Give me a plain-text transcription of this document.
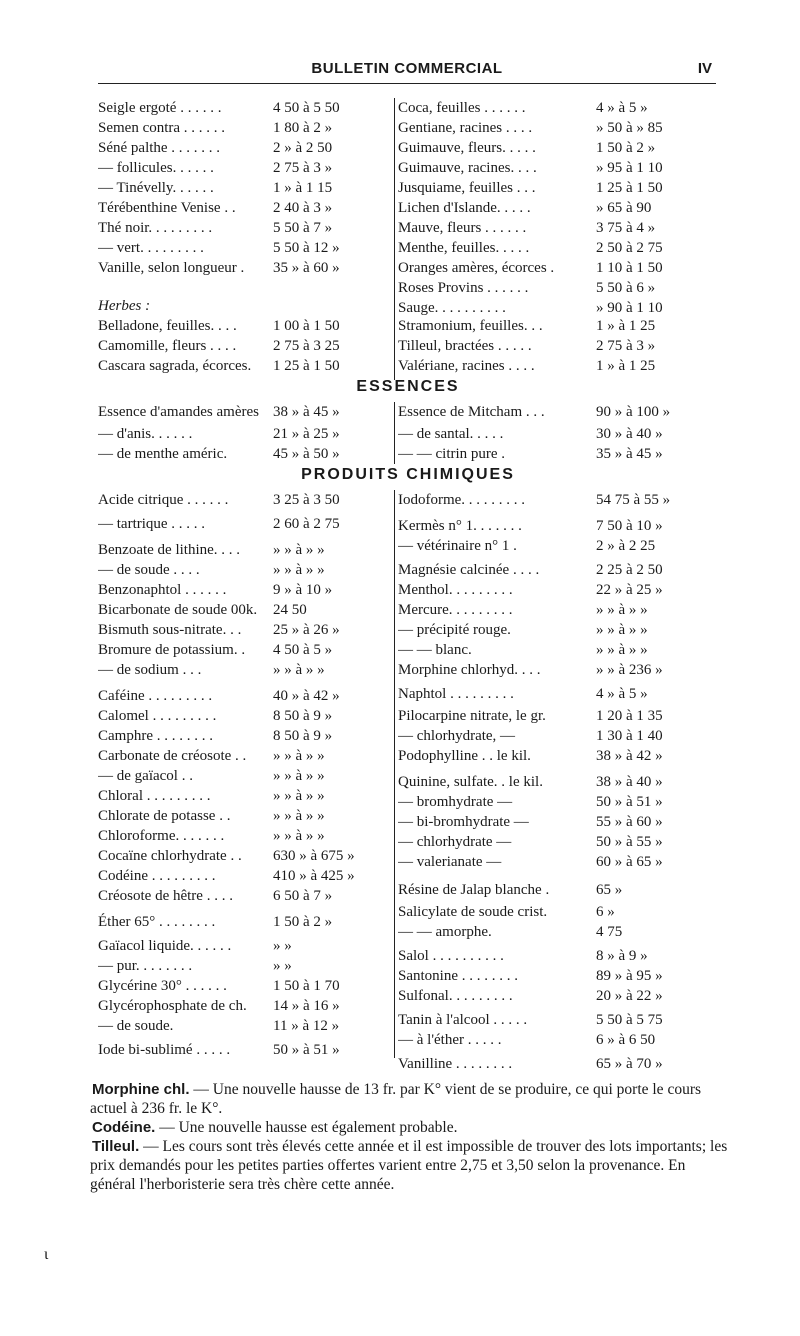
BULLETIN COMMERCIAL	IV
Seigle ergoté . . . . . .	4 50 à 5 50
Semen contra . . . . . .	1 80 à 2 »
Séné palthe . . . . . . .	2 » à 2 50
— follicules. . . . . .	2 75 à 3 »
— Tinévelly. . . . . .	1 » à 1 15
Térébenthine Venise . .	2 40 à 3 »
Thé noir. . . . . . . . .	5 50 à 7 »
— vert. . . . . . . . .	5 50 à 12 »
Vanille, selon longueur .	35 » à 60 »
Herbes :
Belladone, feuilles. . . .	1 00 à 1 50
Camomille, fleurs . . . .	2 75 à 3 25
Cascara sagrada, écorces.	1 25 à 1 50
Coca, feuilles . . . . . .	4 » à 5 »
Gentiane, racines . . . .	» 50 à » 85
Guimauve, fleurs. . . . .	1 50 à 2 »
Guimauve, racines. . . .	» 95 à 1 10
Jusquiame, feuilles . . .	1 25 à 1 50
Lichen d'Islande. . . . .	» 65 à 90
Mauve, fleurs . . . . . .	3 75 à 4 »
Menthe, feuilles. . . . .	2 50 à 2 75
Oranges amères, écorces .	1 10 à 1 50
Roses Provins . . . . . .	5 50 à 6 »
Sauge. . . . . . . . . .	» 90 à 1 10
Stramonium, feuilles. . .	1 » à 1 25
Tilleul, bractées . . . . .	2 75 à 3 »
Valériane, racines . . . .	1 » à 1 25
ESSENCES
Essence d'amandes amères 38 » à 45 »
— d'anis. . . . . .	21 » à 25 »
— de menthe améric.	45 » à 50 »
Essence de Mitcham . . .	90 » à 100 »
— de santal. . . . .	30 » à 40 »
— — citrin pure .	35 » à 45 »
PRODUITS CHIMIQUES
Acide citrique . . . . . .	3 25 à 3 50
— tartrique . . . . .	2 60 à 2 75
Benzoate de lithine. . . .	» » à » »
— de soude . . . .	» » à » »
Benzonaphtol . . . . . .	9 » à 10 »
Bicarbonate de soude 00k.	24 50
Bismuth sous-nitrate. . .	25 » à 26 »
Bromure de potassium. .	4 50 à 5 »
— de sodium . . .	» » à » »
Caféine . . . . . . . . .	40 » à 42 »
Calomel . . . . . . . . .	8 50 à 9 »
Camphre . . . . . . . .	8 50 à 9 »
Carbonate de créosote . .	» » à » »
— de gaïacol . .	» » à » »
Chloral . . . . . . . . .	» » à » »
Chlorate de potasse . .	» » à » »
Chloroforme. . . . . . .	» » à » »
Cocaïne chlorhydrate . .	630 » à 675 »
Codéine . . . . . . . . .	410 » à 425 »
Créosote de hêtre . . . .	6 50 à 7 »
Éther 65° . . . . . . . .	1 50 à 2 »
Gaïacol liquide. . . . . .	» »
— pur. . . . . . . .	» »
Glycérine 30° . . . . . .	1 50 à 1 70
Glycérophosphate de ch.	14 » à 16 »
— de soude.	11 » à 12 »
Iode bi-sublimé . . . . .	50 » à 51 »
Iodoforme. . . . . . . . .	54 75 à 55 »
Kermès n° 1. . . . . . .	7 50 à 10 »
— vétérinaire n° 1 .	2 » à 2 25
Magnésie calcinée . . . .	2 25 à 2 50
Menthol. . . . . . . . .	22 » à 25 »
Mercure. . . . . . . . .	» » à » »
— précipité rouge.	» » à » »
— — blanc.	» » à » »
Morphine chlorhyd. . . .	» » à 236 »
Naphtol . . . . . . . . .	4 » à 5 »
Pilocarpine nitrate, le gr.	1 20 à 1 35
— chlorhydrate, —	1 30 à 1 40
Podophylline . . le kil.	38 » à 42 »
Quinine, sulfate. . le kil.	38 » à 40 »
— bromhydrate —	50 » à 51 »
— bi-bromhydrate —	55 » à 60 »
— chlorhydrate —	50 » à 55 »
— valerianate —	60 » à 65 »
Résine de Jalap blanche .	65 »
Salicylate de soude crist.	6 »
— — amorphe.	4 75
Salol . . . . . . . . . .	8 » à 9 »
Santonine . . . . . . . .	89 » à 95 »
Sulfonal. . . . . . . . .	20 » à 22 »
Tanin à l'alcool . . . . .	5 50 à 5 75
— à l'éther . . . . .	6 » à 6 50
Vanilline . . . . . . . .	65 » à 70 »

Morphine chl. — Une nouvelle hausse de 13 fr. par K° vient de se produire, ce qui porte le cours actuel à 236 fr. le K°.

Codéine. — Une nouvelle hausse est également probable.

Tilleul. — Les cours sont très élevés cette année et il est impossible de trouver des lots importants; les prix demandés pour les petites parties offertes varient entre 2,75 et 3,50 selon la provenance. En général l'herboristerie sera très chère cette année.

ι
